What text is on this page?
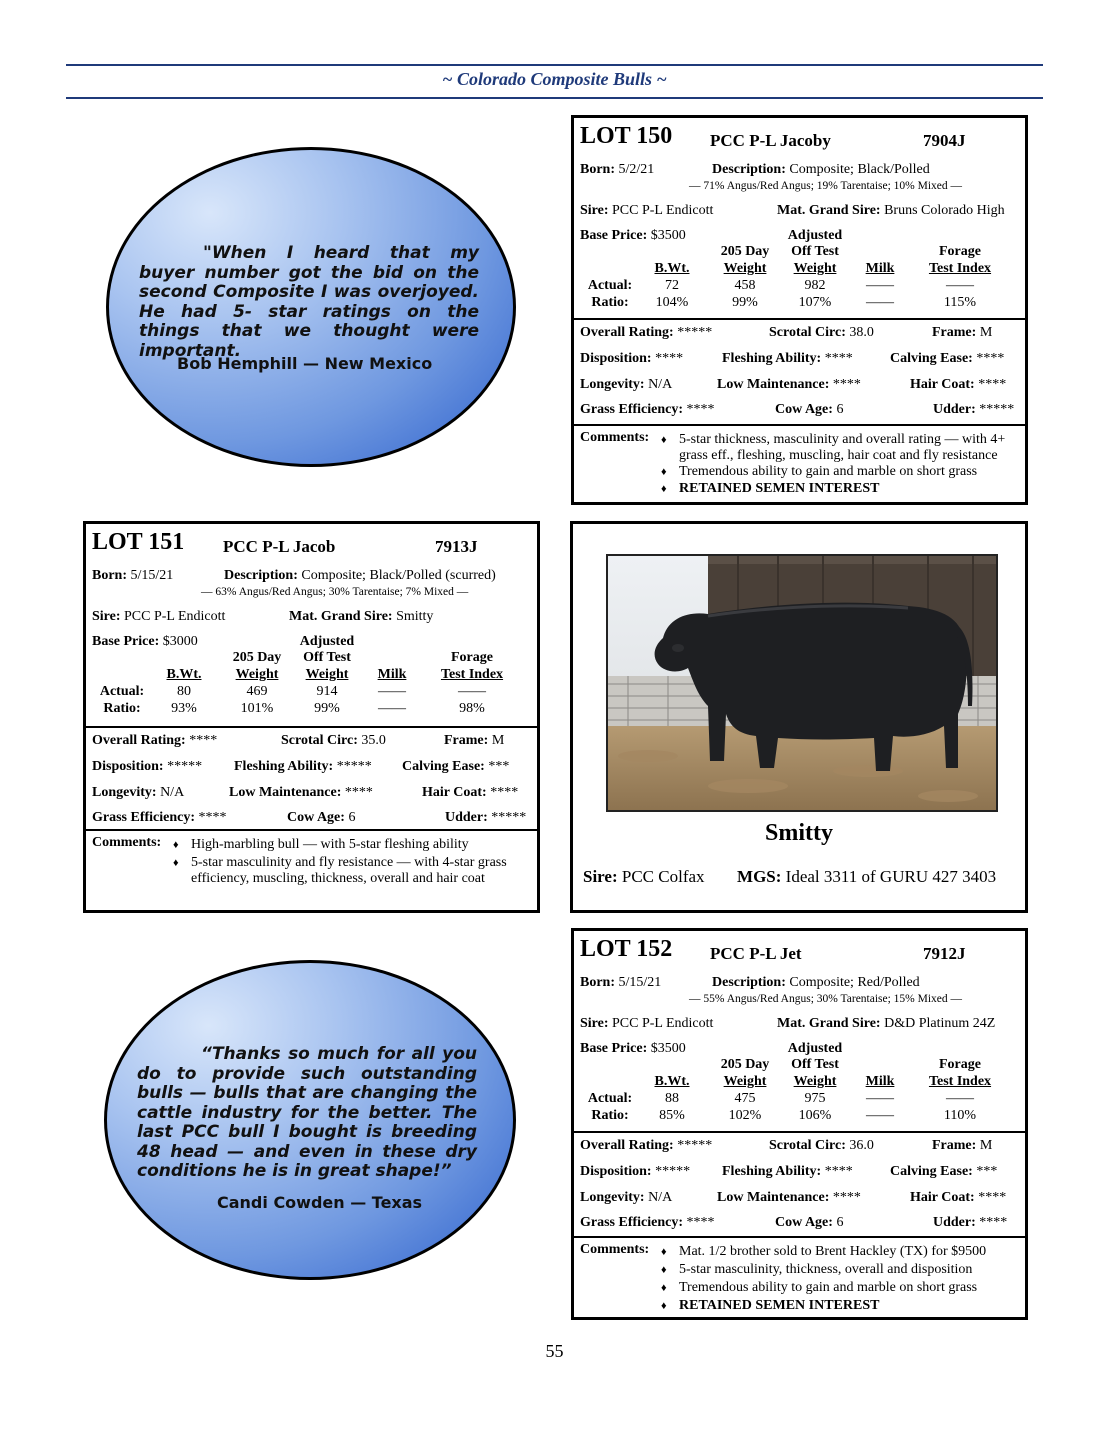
~ Colorado Composite Bulls ~
"When I heard that my buyer number got the bid on the second Composite I was overjoyed. He had 5- star ratings on the things that we thought were important.
Bob Hemphill — New Mexico
“Thanks so much for all you do to provide such outstanding bulls — bulls that are changing the cattle industry for the better. The last PCC bull I bought is breeding 48 head — and even in these dry conditions he is in great shape!”
Candi Cowden — Texas
LOT 150 PCC P-L Jacoby	7904J
Born: 5/2/21	Description: Composite; Black/Polled
— 71% Angus/Red Angus; 19% Tarentaise; 10% Mixed —
Sire: PCC P-L Endicott	Mat. Grand Sire: Bruns Colorado High
Base Price: $3500
205 Day
Adjusted
Off Test	Forage
B.Wt.	Weight	Weight	Milk	Test Index
Actual:	72	458	982	——	——
Ratio:	104%	99%	107%	——	115%
Overall Rating: *****	Scrotal Circ: 38.0	Frame: M
Disposition: ****	Fleshing Ability: ****	Calving Ease: ****
Longevity: N/A	Low Maintenance: ****	Hair Coat: ****
Grass Efficiency: ****	Cow Age: 6	Udder: *****
Comments: ♦ 5-star thickness, masculinity and overall rating — with 4+ grass eff., fleshing, muscling, hair coat and fly resistance
♦ Tremendous ability to gain and marble on short grass
♦ RETAINED SEMEN INTEREST
LOT 151 PCC P-L Jacob	7913J
Born: 5/15/21	Description: Composite; Black/Polled (scurred)
— 63% Angus/Red Angus; 30% Tarentaise; 7% Mixed —
Sire: PCC P-L Endicott	Mat. Grand Sire: Smitty
Base Price: $3000
205 Day
Adjusted
Off Test	Forage
B.Wt.	Weight	Weight	Milk	Test Index
Actual:	80	469	914	——	——
Ratio:	93%	101%	99%	——	98%
Overall Rating: ****	Scrotal Circ: 35.0	Frame: M
Disposition: ***** Fleshing Ability: ***** Calving Ease: ***
Longevity: N/A	Low Maintenance: ****	Hair Coat: ****
Grass Efficiency: ****	Cow Age: 6	Udder: *****
Comments: ♦ High-marbling bull — with 5-star fleshing ability
♦ 5-star masculinity and fly resistance — with 4-star grass efficiency, muscling, thickness, overall and hair coat
Smitty
Sire: PCC Colfax MGS: Ideal 3311 of GURU 427 3403
LOT 152 PCC P-L Jet	7912J
Born: 5/15/21	Description: Composite; Red/Polled
— 55% Angus/Red Angus; 30% Tarentaise; 15% Mixed —
Sire: PCC P-L Endicott	Mat. Grand Sire: D&D Platinum 24Z
Base Price: $3500
205 Day
Adjusted
Off Test	Forage
B.Wt.	Weight	Weight	Milk	Test Index
Actual:	88	475	975	——	——
Ratio:	85%	102%	106%	——	110%
Overall Rating: *****	Scrotal Circ: 36.0	Frame: M
Disposition: ***** Fleshing Ability: ****	Calving Ease: ***
Longevity: N/A	Low Maintenance: ****	Hair Coat: ****
Grass Efficiency: ****	Cow Age: 6	Udder: ****
Comments: ♦ Mat. 1/2 brother sold to Brent Hackley (TX) for $9500
♦ 5-star masculinity, thickness, overall and disposition
♦ Tremendous ability to gain and marble on short grass
♦ RETAINED SEMEN INTEREST
55
